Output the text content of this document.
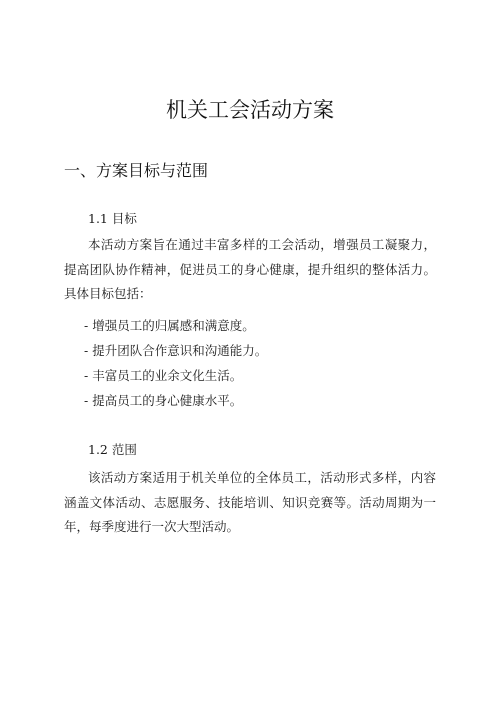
机关工会活动方案
一、方案目标与范围
1.1 目标
本活动方案旨在通过丰富多样的工会活动，增强员工凝聚力，提高团队协作精神，促进员工的身心健康，提升组织的整体活力。具体目标包括：
- 增强员工的归属感和满意度。
- 提升团队合作意识和沟通能力。
- 丰富员工的业余文化生活。
- 提高员工的身心健康水平。
1.2 范围
该活动方案适用于机关单位的全体员工，活动形式多样，内容涵盖文体活动、志愿服务、技能培训、知识竞赛等。活动周期为一年，每季度进行一次大型活动。
